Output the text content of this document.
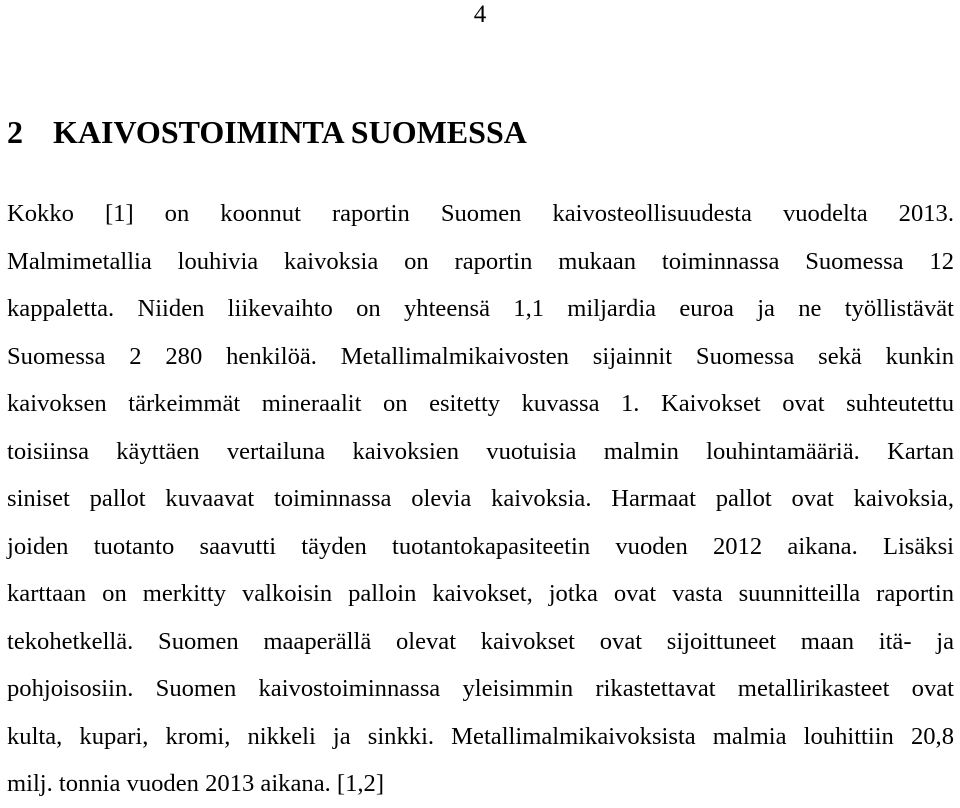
4
2 KAIVOSTOIMINTA SUOMESSA
Kokko [1] on koonnut raportin Suomen kaivosteollisuudesta vuodelta 2013.
Malmimetallia louhivia kaivoksia on raportin mukaan toiminnassa Suomessa 12
kappaletta. Niiden liikevaihto on yhteensä 1,1 miljardia euroa ja ne työllistävät
Suomessa 2 280 henkilöä. Metallimalmikaivosten sijainnit Suomessa sekä kunkin
kaivoksen tärkeimmät mineraalit on esitetty kuvassa 1. Kaivokset ovat suhteutettu
toisiinsa käyttäen vertailuna kaivoksien vuotuisia malmin louhintamääriä. Kartan
siniset pallot kuvaavat toiminnassa olevia kaivoksia. Harmaat pallot ovat kaivoksia,
joiden tuotanto saavutti täyden tuotantokapasiteetin vuoden 2012 aikana. Lisäksi
karttaan on merkitty valkoisin palloin kaivokset, jotka ovat vasta suunnitteilla raportin
tekohetkellä. Suomen maaperällä olevat kaivokset ovat sijoittuneet maan itä- ja
pohjoisosiin. Suomen kaivostoiminnassa yleisimmin rikastettavat metallirikasteet ovat
kulta, kupari, kromi, nikkeli ja sinkki. Metallimalmikaivoksista malmia louhittiin 20,8
milj. tonnia vuoden 2013 aikana. [1,2]
